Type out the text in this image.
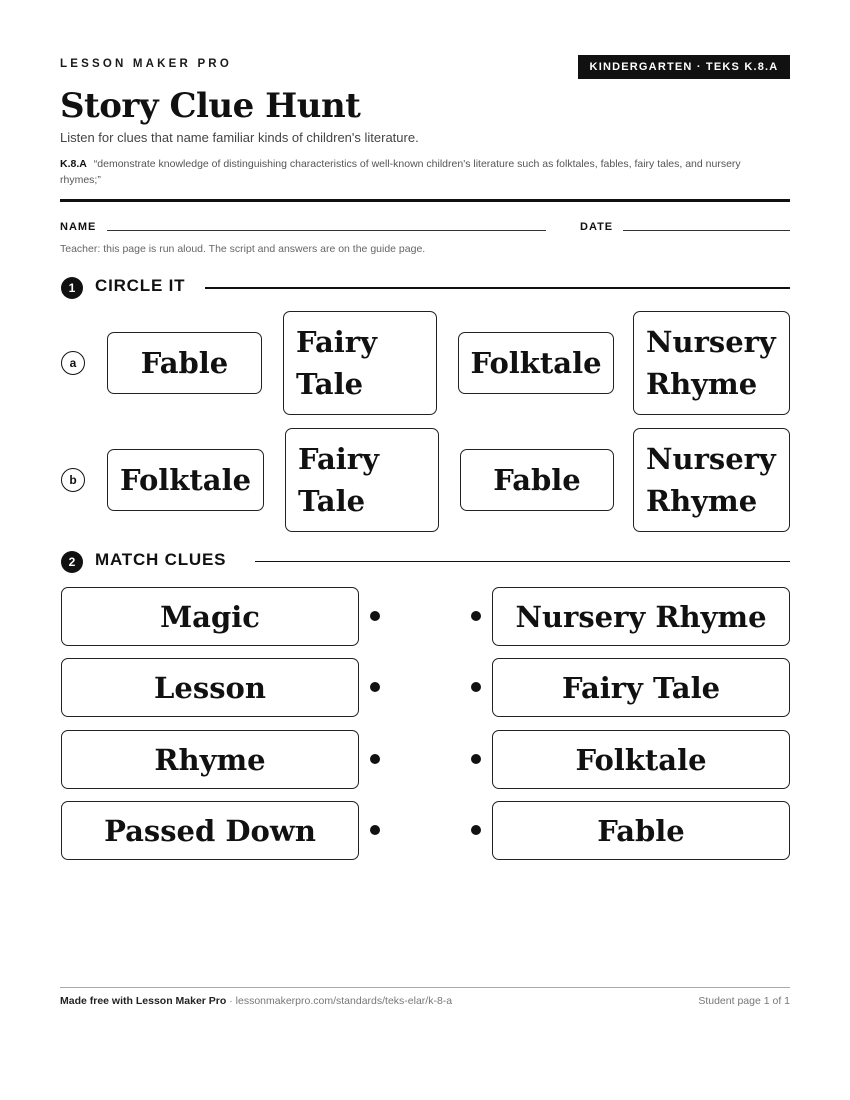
LESSON MAKER PRO	KINDERGARTEN · TEKS K.8.A
Story Clue Hunt
Listen for clues that name familiar kinds of children's literature.
K.8.A “demonstrate knowledge of distinguishing characteristics of well-known children's literature such as folktales, fables, fairy tales, and nursery rhymes;”
NAME	DATE
Teacher: this page is run aloud. The script and answers are on the guide page.
1	CIRCLE IT
a Fable
Fairy
Tale
Folktale
Nursery
Rhyme
b Folktale
Fairy
Tale
Fable
Nursery
Rhyme
2	MATCH CLUES
Magic	Nursery Rhyme
Lesson	Fairy Tale
Rhyme	Folktale
Passed Down	Fable
Made free with Lesson Maker Pro · lessonmakerpro.com/standards/teks-elar/k-8-a	Student page 1 of 1
